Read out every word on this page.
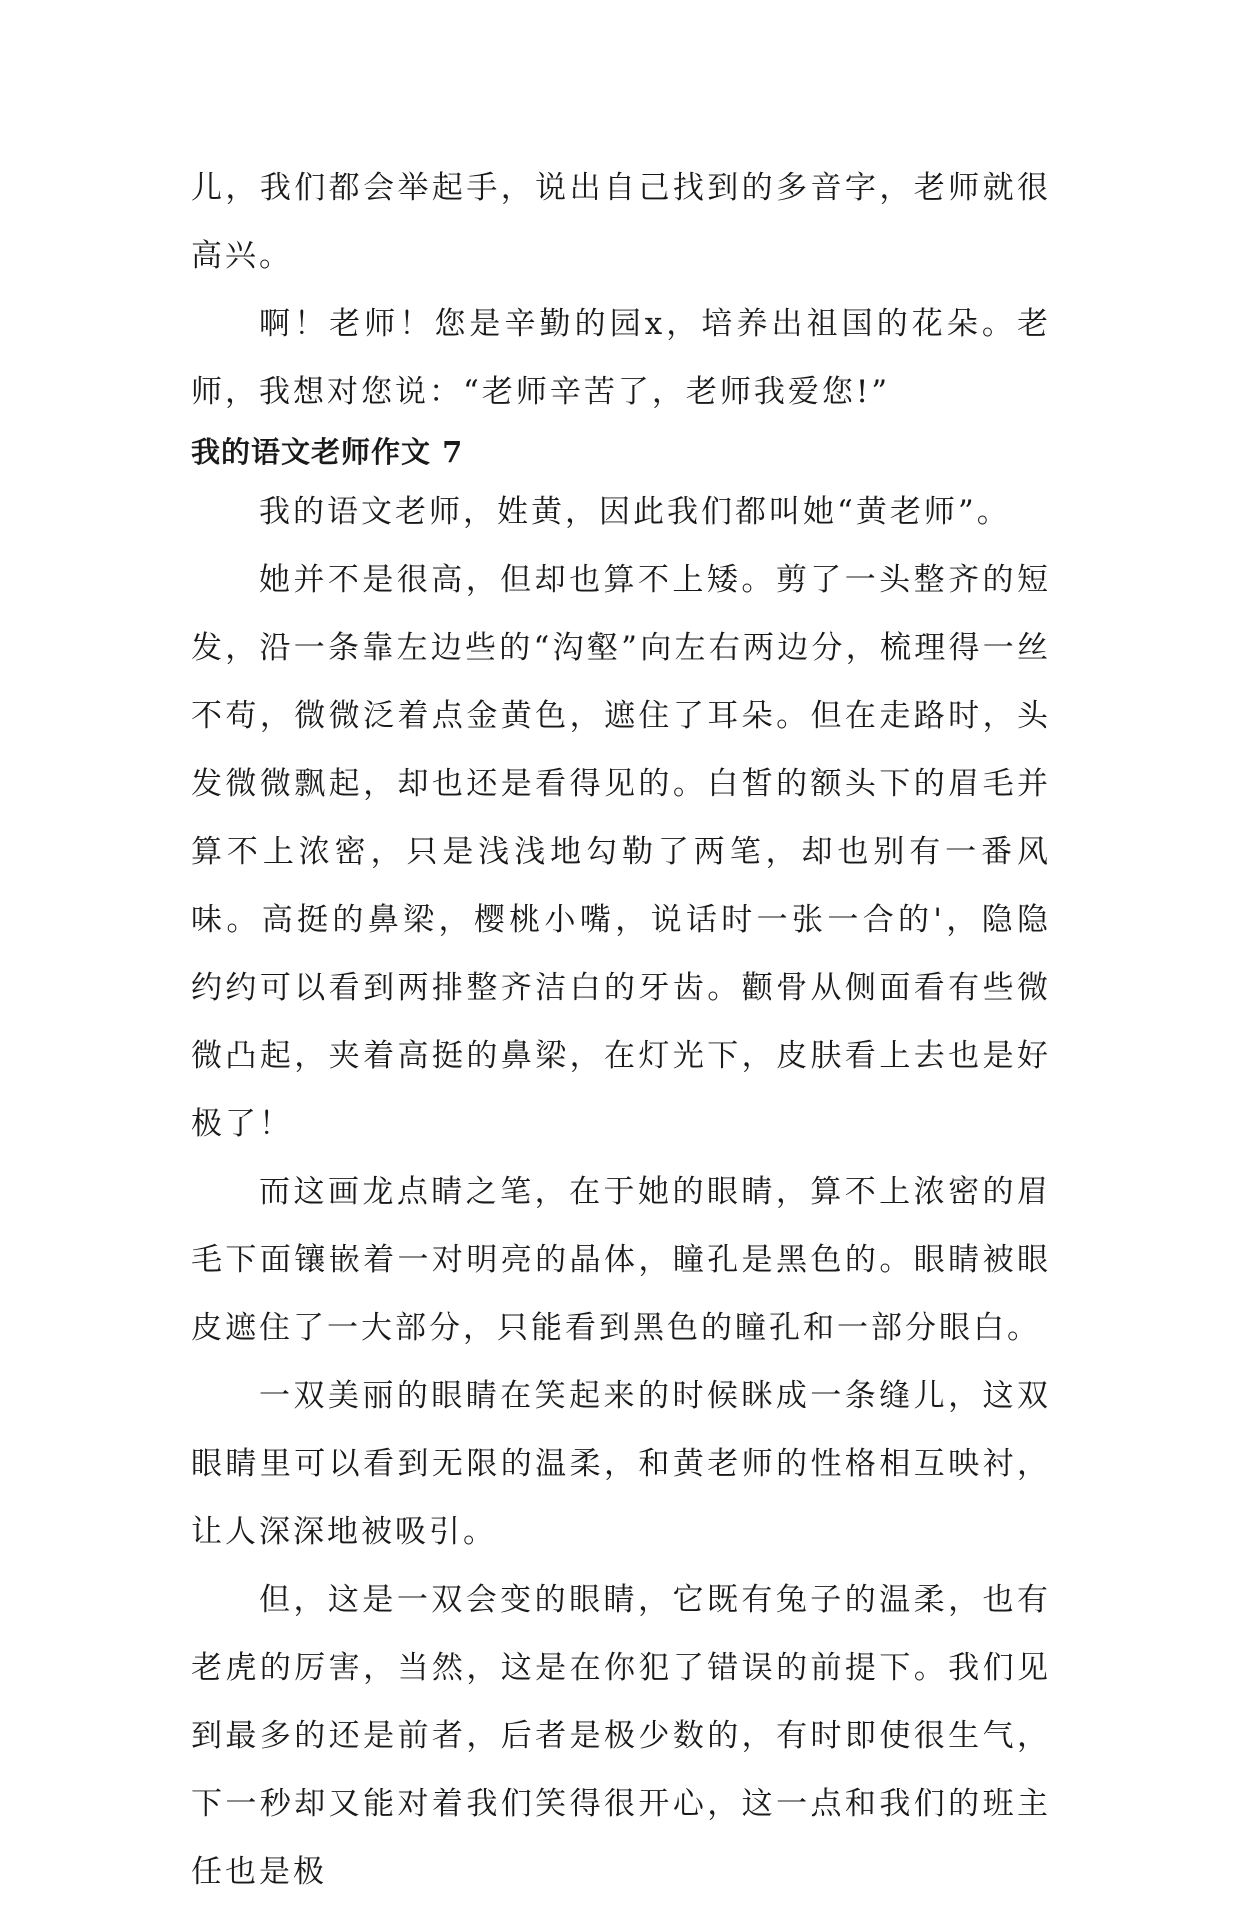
儿，我们都会举起手，说出自己找到的多音字，老师就很高兴。

啊！老师！您是辛勤的园x，培养出祖国的花朵。老师，我想对您说：“老师辛苦了，老师我爱您!”

我的语文老师作文 7

我的语文老师，姓黄，因此我们都叫她“黄老师”。

她并不是很高，但却也算不上矮。剪了一头整齐的短发，沿一条靠左边些的“沟壑”向左右两边分，梳理得一丝不苟，微微泛着点金黄色，遮住了耳朵。但在走路时，头发微微飘起，却也还是看得见的。白皙的额头下的眉毛并算不上浓密，只是浅浅地勾勒了两笔，却也别有一番风味。高挺的鼻梁，樱桃小嘴，说话时一张一合的'，隐隐约约可以看到两排整齐洁白的牙齿。颧骨从侧面看有些微微凸起，夹着高挺的鼻梁，在灯光下，皮肤看上去也是好极了！

而这画龙点睛之笔，在于她的眼睛，算不上浓密的眉毛下面镶嵌着一对明亮的晶体，瞳孔是黑色的。眼睛被眼皮遮住了一大部分，只能看到黑色的瞳孔和一部分眼白。

一双美丽的眼睛在笑起来的时候眯成一条缝儿，这双眼睛里可以看到无限的温柔，和黄老师的性格相互映衬，让人深深地被吸引。

但，这是一双会变的眼睛，它既有兔子的温柔，也有老虎的厉害，当然，这是在你犯了错误的前提下。我们见到最多的还是前者，后者是极少数的，有时即使很生气，下一秒却又能对着我们笑得很开心，这一点和我们的班主任也是极
